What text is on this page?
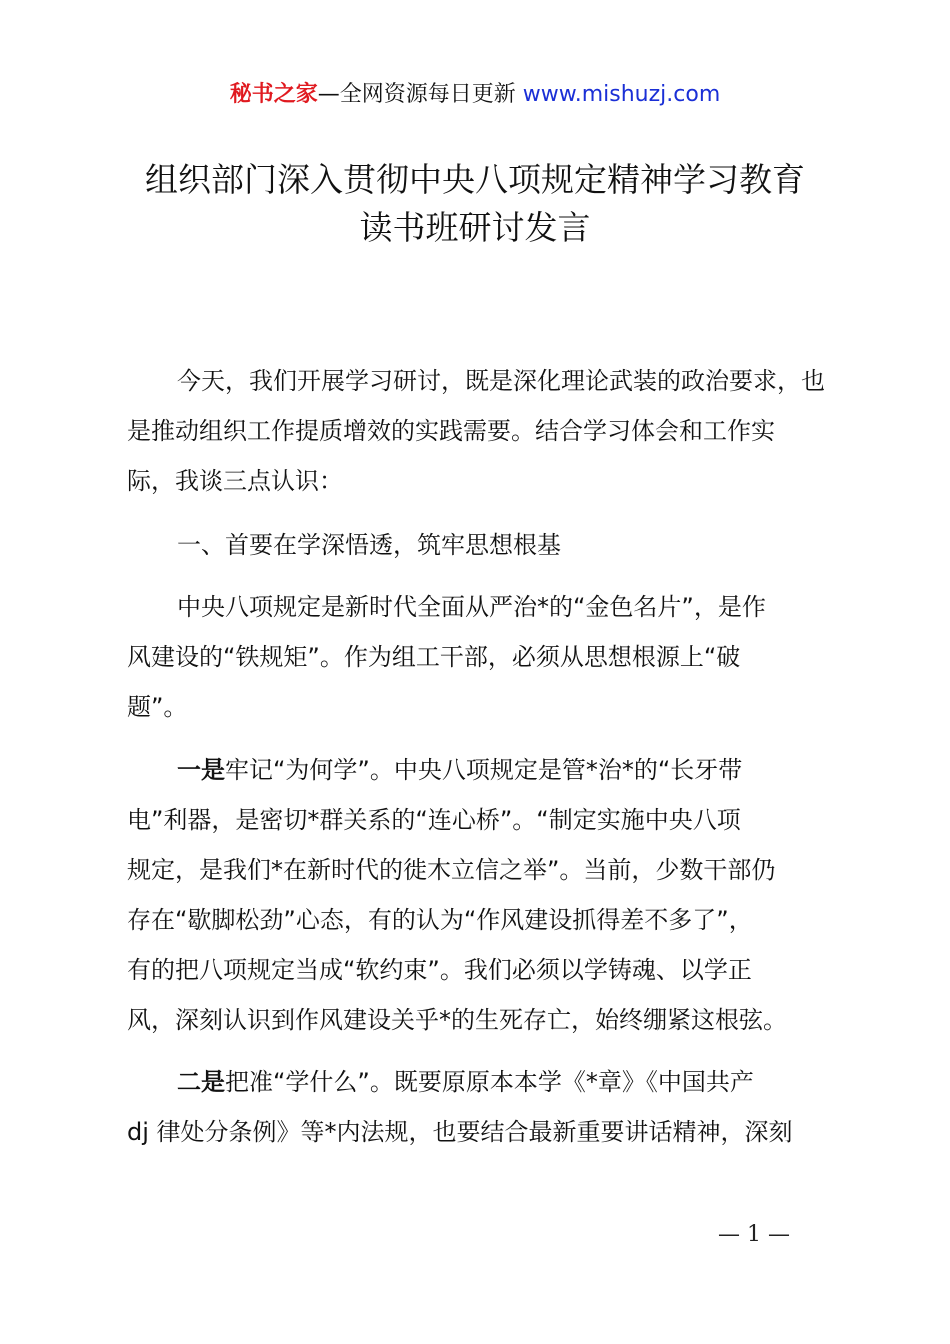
秘书之家—全网资源每日更新 www.mishuzj.com
组织部门深入贯彻中央八项规定精神学习教育
读书班研讨发言
今天，我们开展学习研讨，既是深化理论武装的政治要求，也
是推动组织工作提质增效的实践需要。结合学习体会和工作实
际，我谈三点认识：
一、首要在学深悟透，筑牢思想根基
中央八项规定是新时代全面从严治*的“金色名片”，是作
风建设的“铁规矩”。作为组工干部，必须从思想根源上“破
题”。
一是牢记“为何学”。中央八项规定是管*治*的“长牙带
电”利器，是密切*群关系的“连心桥”。“制定实施中央八项
规定，是我们*在新时代的徙木立信之举”。当前，少数干部仍
存在“歇脚松劲”心态，有的认为“作风建设抓得差不多了”，
有的把八项规定当成“软约束”。我们必须以学铸魂、以学正
风，深刻认识到作风建设关乎*的生死存亡，始终绷紧这根弦。
二是把准“学什么”。既要原原本本学《*章》《中国共产
dj 律处分条例》等*内法规，也要结合最新重要讲话精神，深刻
— 1 —
